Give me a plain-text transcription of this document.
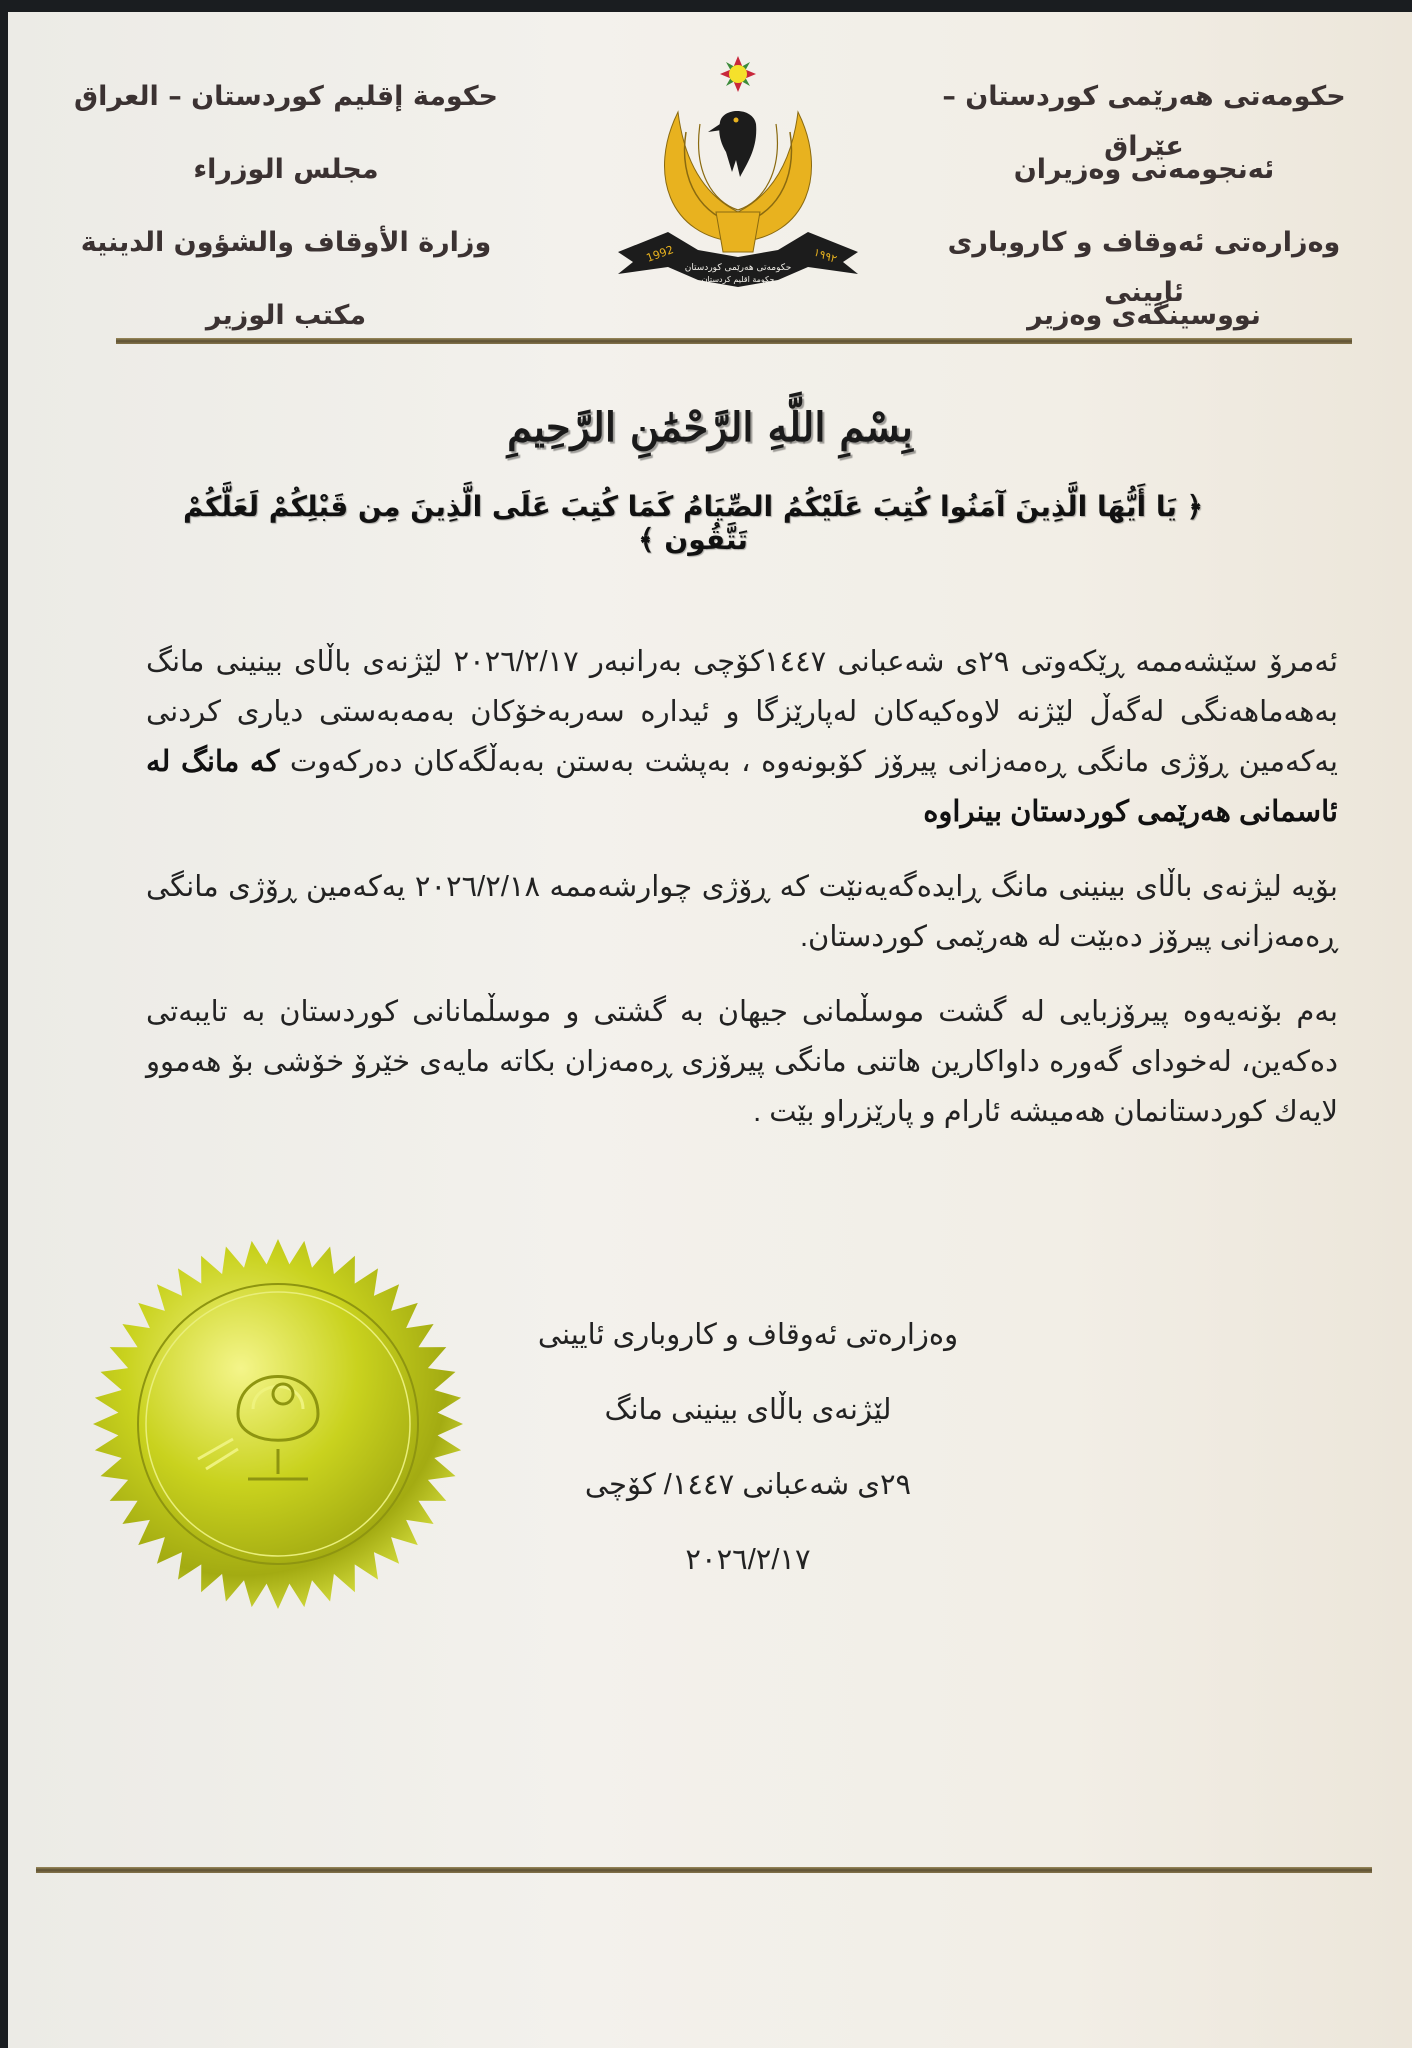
حکومەتی هەرێمی کوردستان – عێراق
ئەنجومەنی وەزیران
وەزارەتی ئەوقاف و کاروباری ئایینی
نووسینگەی وەزیر
1992	١٩٩٢
حكومەتی هەرێمی کوردستان
حكومة اقليم كردستان
حكومة إقليم كوردستان – العراق
مجلس الوزراء
وزارة الأوقاف والشؤون الدينية
مكتب الوزير
بِسْمِ اللَّهِ الرَّحْمَٰنِ الرَّحِيمِ
﴿ يَا أَيُّهَا الَّذِينَ آمَنُوا كُتِبَ عَلَيْكُمُ الصِّيَامُ كَمَا كُتِبَ عَلَى الَّذِينَ مِن قَبْلِكُمْ لَعَلَّكُمْ تَتَّقُون ﴾

ئەمرۆ سێشەممە ڕێکەوتی ٢٩ی شەعبانی ١٤٤٧کۆچی بەرانبەر ٢٠٢٦/٢/١٧ لێژنەی باڵای بینینی مانگ بەهەماهەنگی لەگەڵ لێژنە لاوەکیەکان لەپارێزگا و ئیدارە سەربەخۆکان بەمەبەستی دیاری کردنی یەکەمین ڕۆژی مانگی ڕەمەزانی پیرۆز کۆبونەوە ، بەپشت بەستن بەبەڵگەکان دەرکەوت کە مانگ لە ئاسمانی هەرێمی کوردستان بینراوە

بۆیە لیژنەی باڵای بینینی مانگ ڕایدەگەیەنێت کە ڕۆژی چوارشەممە ٢٠٢٦/٢/١٨ یەکەمین ڕۆژی مانگی ڕەمەزانی پیرۆز دەبێت لە هەرێمی کوردستان.

بەم بۆنەیەوە پیرۆزبایی لە گشت موسڵمانی جیهان بە گشتی و موسڵمانانی کوردستان بە تایبەتی دەکەین، لەخودای گەورە داواکارین هاتنی مانگی پیرۆزی ڕەمەزان بکاتە مایەی خێرۆ خۆشی بۆ هەموو لایەك کوردستانمان هەمیشە ئارام و پارێزراو بێت .

وەزارەتی ئەوقاف و کاروباری ئایینی
لێژنەی باڵای بینینی مانگ
٢٩ی شەعبانی ١٤٤٧/ کۆچی
٢٠٢٦/٢/١٧
